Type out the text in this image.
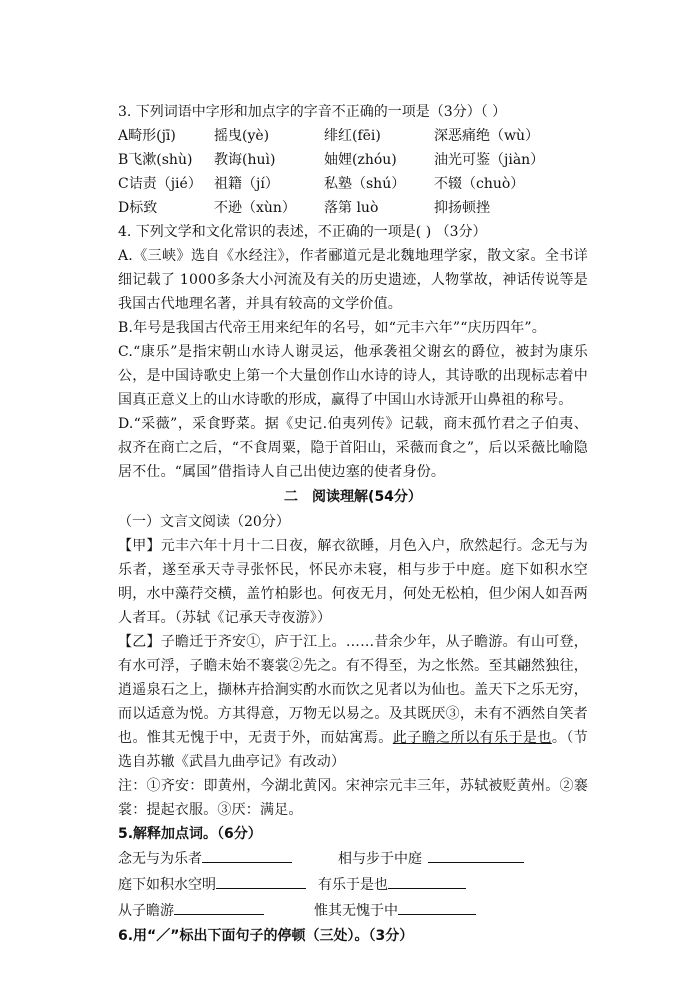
3. 下列词语中字形和加点字的字音不正确的一项是（3分）（ ）
A畸形(jī)	摇曳(yè)	绯红(fēi)	深恶痛绝（wù）
B飞漱(shù)	教诲(huì)	妯娌(zhóu)	油光可鉴（jiàn）
C诘责（jié） 祖籍（jí）	私塾（shú）	不辍（chuò）
D标致	不逊（xùn）	落第 luò	抑扬顿挫
4. 下列文学和文化常识的表述，不正确的一项是( ) （3分）
A.《三峡》选自《水经注》，作者郦道元是北魏地理学家，散文家。全书详细记载了 1000多条大小河流及有关的历史遗迹，人物掌故，神话传说等是我国古代地理名著，并具有较高的文学价值。
B.年号是我国古代帝王用来纪年的名号，如“元丰六年”“庆历四年”。
C.“康乐”是指宋朝山水诗人谢灵运，他承袭祖父谢玄的爵位，被封为康乐公，是中国诗歌史上第一个大量创作山水诗的诗人，其诗歌的出现标志着中国真正意义上的山水诗歌的形成，赢得了中国山水诗派开山鼻祖的称号。
D.“采薇”，采食野菜。据《史记.伯夷列传》记载，商末孤竹君之子伯夷、叔齐在商亡之后，“不食周粟，隐于首阳山，采薇而食之”，后以采薇比喻隐居不仕。“属国”借指诗人自己出使边塞的使者身份。
二　阅读理解(54分）
（一）文言文阅读（20分）
【甲】元丰六年十月十二日夜，解衣欲睡，月色入户，欣然起行。念无与为乐者，遂至承天寺寻张怀民，怀民亦未寝，相与步于中庭。庭下如积水空明，水中藻荇交横，盖竹柏影也。何夜无月，何处无松柏，但少闲人如吾两人者耳。（苏轼《记承天寺夜游》）
【乙】子瞻迁于齐安①，庐于江上。……昔余少年，从子瞻游。有山可登，有水可浮，子瞻未始不褰裳②先之。有不得至，为之怅然。至其翩然独往，逍遥泉石之上，撷林卉拾涧实酌水而饮之见者以为仙也。盖天下之乐无穷，而以适意为悦。方其得意，万物无以易之。及其既厌③，未有不洒然自笑者也。惟其无愧于中，无责于外，而姑寓焉。此子瞻之所以有乐于是也。（节选自苏辙《武昌九曲亭记》有改动）
注：①齐安：即黄州，今湖北黄冈。宋神宗元丰三年，苏轼被贬黄州。②褰裳：提起衣服。③厌：满足。
5.解释加点词。（6分）
念无与为乐者	相与步于中庭
庭下如积水空明	有乐于是也
从子瞻游	惟其无愧于中
6.用“／”标出下面句子的停顿（三处）。（3分）
